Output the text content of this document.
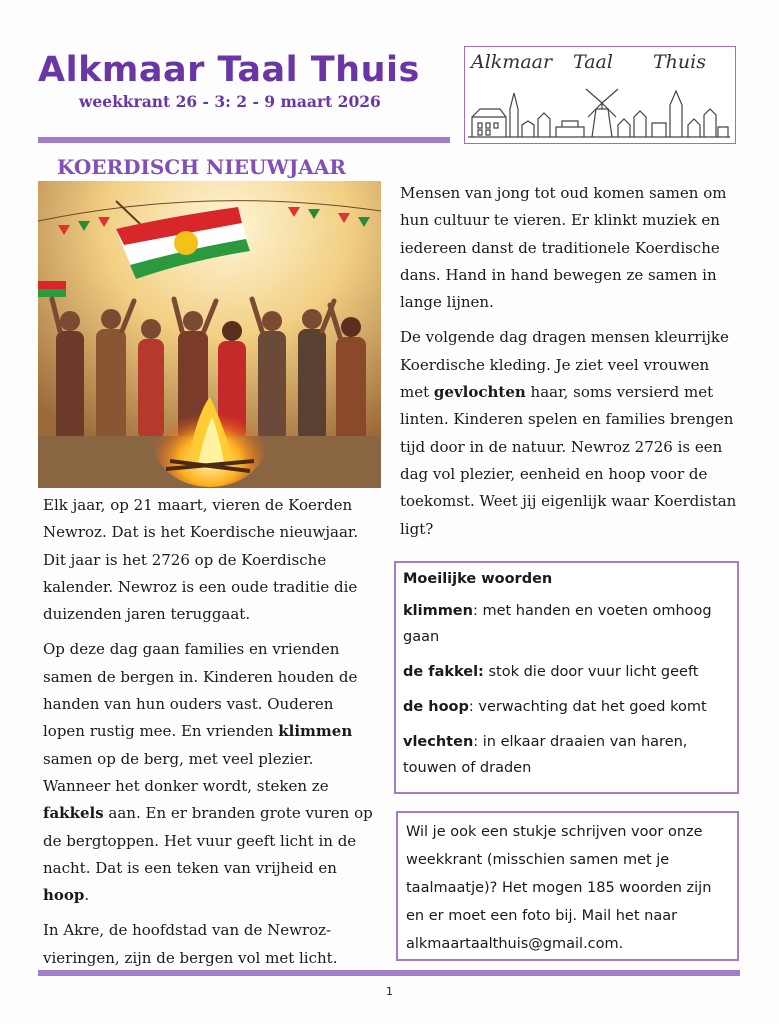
Alkmaar Taal Thuis
weekkrant 26 - 3: 2 - 9 maart 2026
Alkmaar Taal Thuis
KOERDISCH NIEUWJAAR

Elk jaar, op 21 maart, vieren de Koerden Newroz. Dat is het Koerdische nieuwjaar. Dit jaar is het 2726 op de Koerdische kalender. Newroz is een oude traditie die duizenden jaren teruggaat.

Op deze dag gaan families en vrienden samen de bergen in. Kinderen houden de handen van hun ouders vast. Ouderen lopen rustig mee. En vrienden klimmen samen op de berg, met veel plezier. Wanneer het donker wordt, steken ze fakkels aan. En er branden grote vuren op de bergtoppen. Het vuur geeft licht in de nacht. Dat is een teken van vrijheid en hoop.

In Akre, de hoofdstad van de Newroz-vieringen, zijn de bergen vol met licht.

Mensen van jong tot oud komen samen om hun cultuur te vieren. Er klinkt muziek en iedereen danst de traditionele Koerdische dans. Hand in hand bewegen ze samen in lange lijnen.

De volgende dag dragen mensen kleurrijke Koerdische kleding. Je ziet veel vrouwen met gevlochten haar, soms versierd met linten. Kinderen spelen en families brengen tijd door in de natuur. Newroz 2726 is een dag vol plezier, eenheid en hoop voor de toekomst. Weet jij eigenlijk waar Koerdistan ligt?

Moeilijke woorden
klimmen: met handen en voeten omhoog gaan
de fakkel: stok die door vuur licht geeft
de hoop: verwachting dat het goed komt
vlechten: in elkaar draaien van haren, touwen of draden
Wil je ook een stukje schrijven voor onze weekkrant (misschien samen met je taalmaatje)? Het mogen 185 woorden zijn en er moet een foto bij. Mail het naar alkmaartaalthuis@gmail.com.
1
